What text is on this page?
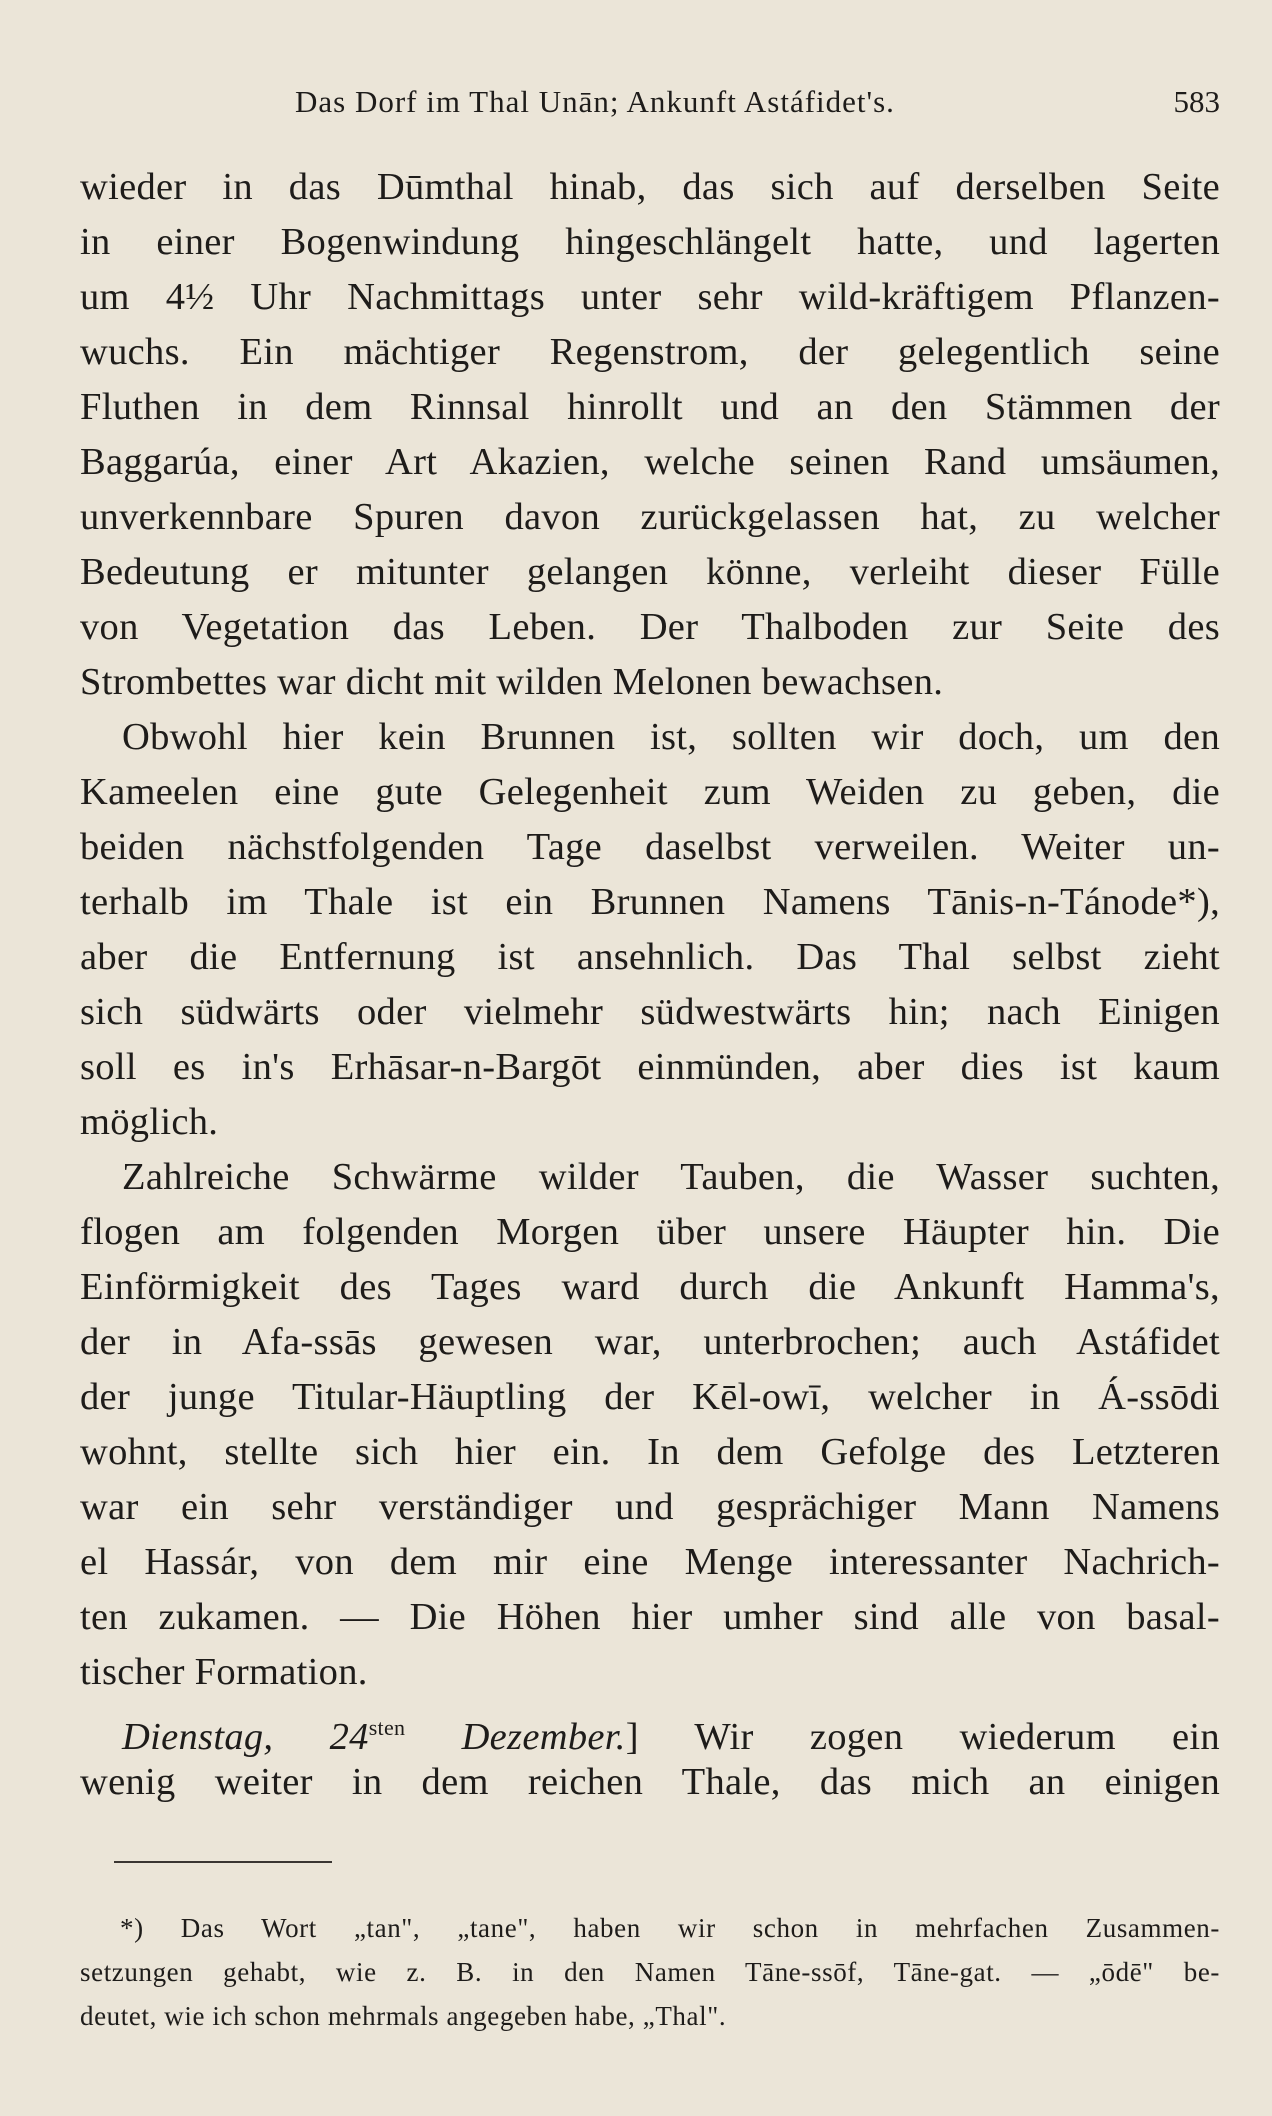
Das Dorf im Thal Unān; Ankunft Astáfidet's.	583
wieder in das Dūmthal hinab, das sich auf derselben Seite
in einer Bogenwindung hingeschlängelt hatte, und lagerten
um 4½ Uhr Nachmittags unter sehr wild-kräftigem Pflanzen-
wuchs. Ein mächtiger Regenstrom, der gelegentlich seine
Fluthen in dem Rinnsal hinrollt und an den Stämmen der
Baggarúa, einer Art Akazien, welche seinen Rand umsäumen,
unverkennbare Spuren davon zurückgelassen hat, zu welcher
Bedeutung er mitunter gelangen könne, verleiht dieser Fülle
von Vegetation das Leben. Der Thalboden zur Seite des
Strombettes war dicht mit wilden Melonen bewachsen.
Obwohl hier kein Brunnen ist, sollten wir doch, um den
Kameelen eine gute Gelegenheit zum Weiden zu geben, die
beiden nächstfolgenden Tage daselbst verweilen. Weiter un-
terhalb im Thale ist ein Brunnen Namens Tānis-n-Tánode*),
aber die Entfernung ist ansehnlich. Das Thal selbst zieht
sich südwärts oder vielmehr südwestwärts hin; nach Einigen
soll es in's Erhāsar-n-Bargōt einmünden, aber dies ist kaum
möglich.
Zahlreiche Schwärme wilder Tauben, die Wasser suchten,
flogen am folgenden Morgen über unsere Häupter hin. Die
Einförmigkeit des Tages ward durch die Ankunft Hamma's,
der in Afa-ssās gewesen war, unterbrochen; auch Astáfidet
der junge Titular-Häuptling der Kēl-owī, welcher in Á-ssōdi
wohnt, stellte sich hier ein. In dem Gefolge des Letzteren
war ein sehr verständiger und gesprächiger Mann Namens
el Hassár, von dem mir eine Menge interessanter Nachrich-
ten zukamen. — Die Höhen hier umher sind alle von basal-
tischer Formation.
Dienstag, $24^{sten}$ Dezember.] Wir zogen wiederum ein
wenig weiter in dem reichen Thale, das mich an einigen
*) Das Wort „tan", „tane", haben wir schon in mehrfachen Zusammen-
setzungen gehabt, wie z. B. in den Namen Tāne-ssōf, Tāne-gat. — „ōdē" be-
deutet, wie ich schon mehrmals angegeben habe, „Thal".
